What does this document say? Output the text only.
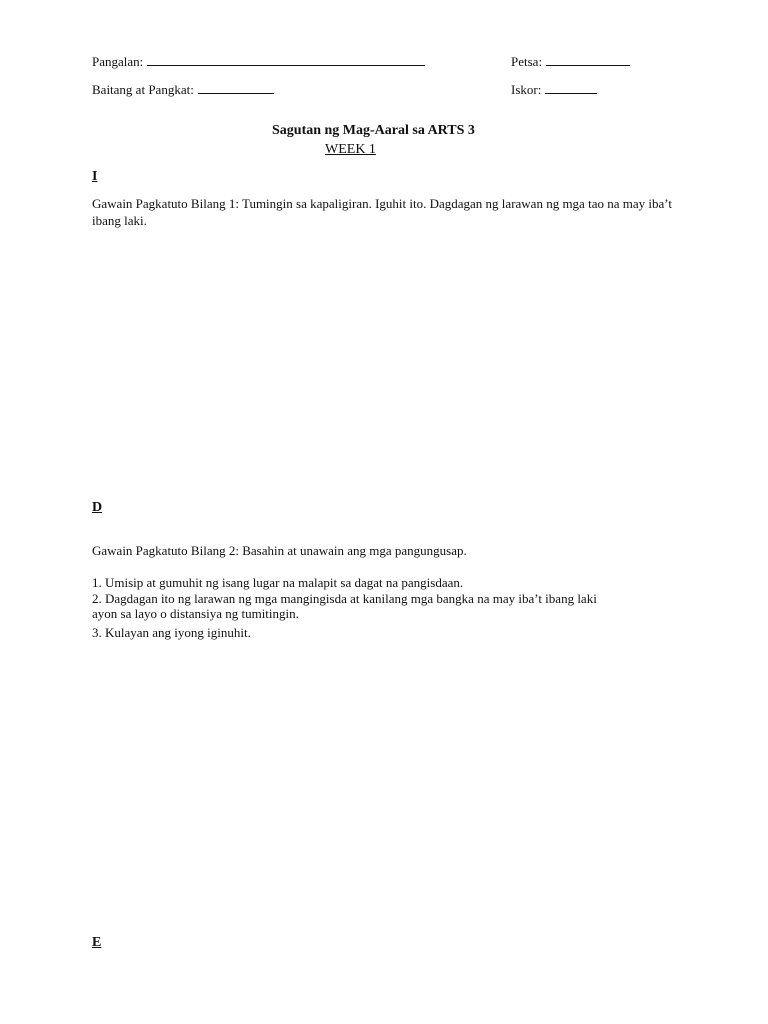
Pangalan:	Petsa:
Baitang at Pangkat:	Iskor:
Sagutan ng Mag-Aaral sa ARTS 3
WEEK 1
I
Gawain Pagkatuto Bilang 1: Tumingin sa kapaligiran. Iguhit ito. Dagdagan ng larawan ng mga tao na may iba’t ibang laki.
D
Gawain Pagkatuto Bilang 2: Basahin at unawain ang mga pangungusap.
1. Umisip at gumuhit ng isang lugar na malapit sa dagat na pangisdaan.
2. Dagdagan ito ng larawan ng mga mangingisda at kanilang mga bangka na may iba’t ibang laki
ayon sa layo o distansiya ng tumitingin.
3. Kulayan ang iyong iginuhit.
E
